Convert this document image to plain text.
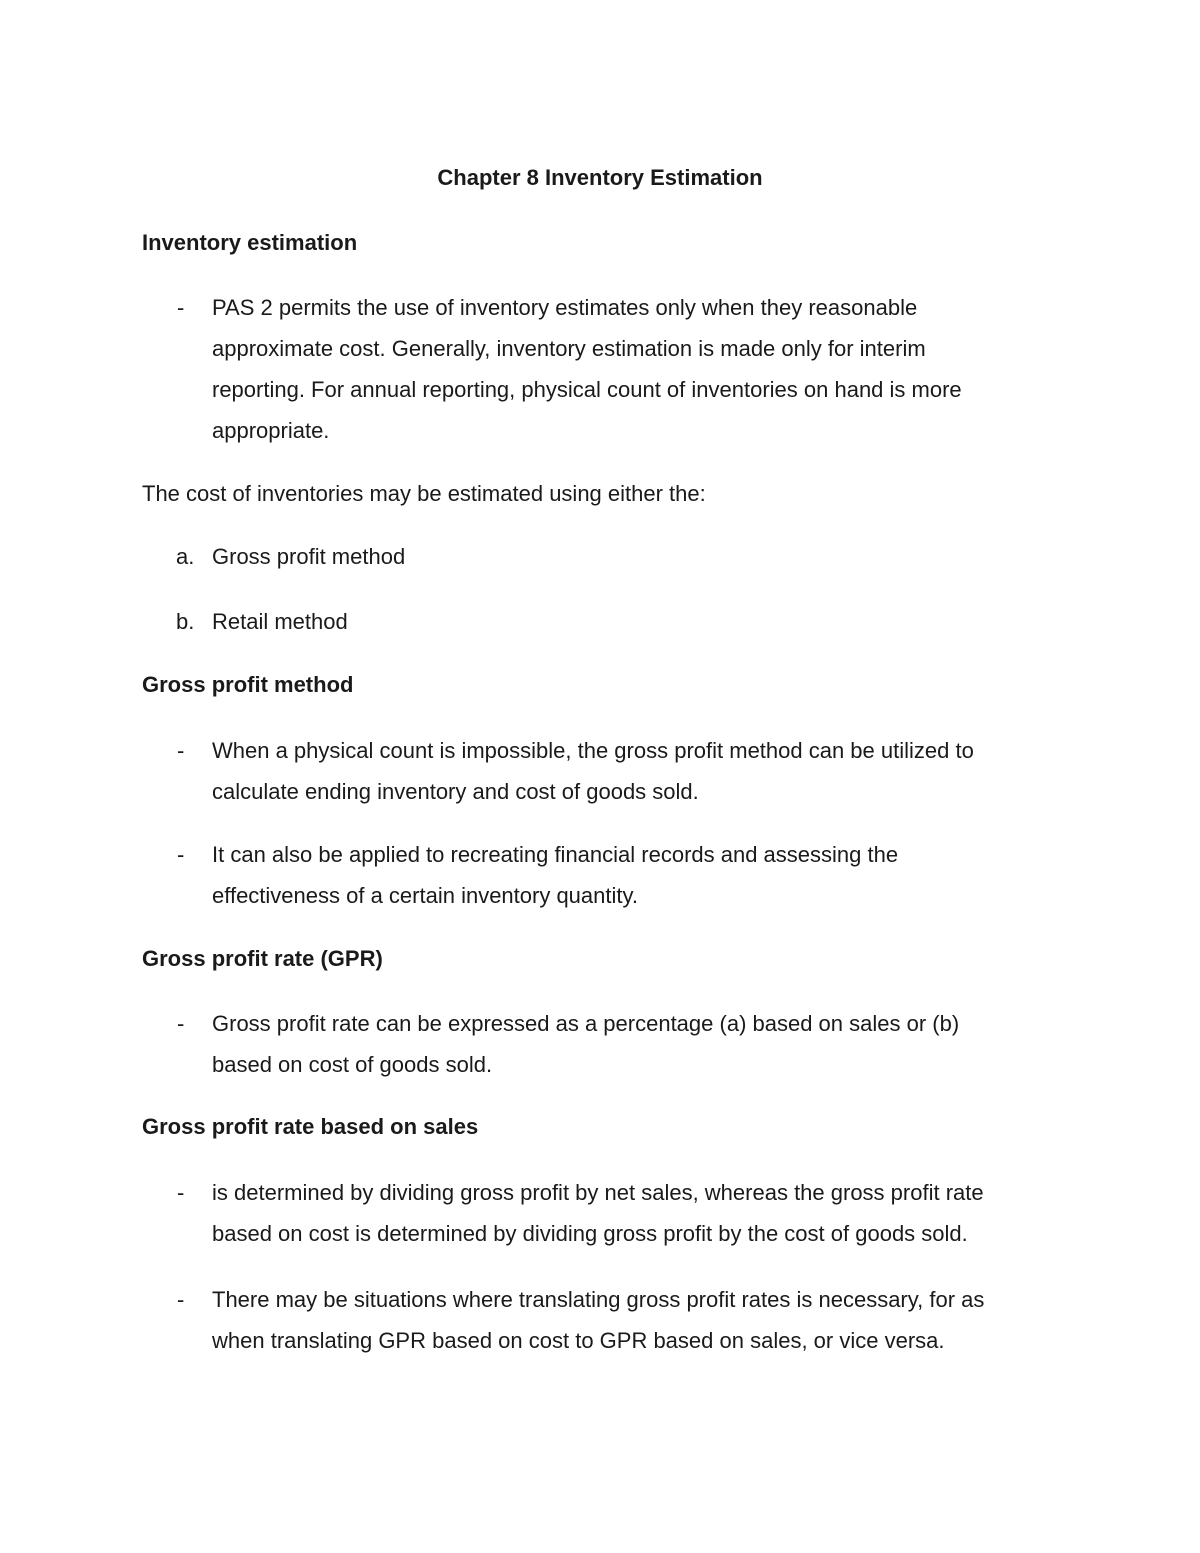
Chapter 8 Inventory Estimation
Inventory estimation
- PAS 2 permits the use of inventory estimates only when they reasonable
approximate cost. Generally, inventory estimation is made only for interim
reporting. For annual reporting, physical count of inventories on hand is more
appropriate.

The cost of inventories may be estimated using either the:

a. Gross profit method
b. Retail method
Gross profit method
- When a physical count is impossible, the gross profit method can be utilized to
calculate ending inventory and cost of goods sold.
- It can also be applied to recreating financial records and assessing the
effectiveness of a certain inventory quantity.
Gross profit rate (GPR)
- Gross profit rate can be expressed as a percentage (a) based on sales or (b)
based on cost of goods sold.
Gross profit rate based on sales
- is determined by dividing gross profit by net sales, whereas the gross profit rate
based on cost is determined by dividing gross profit by the cost of goods sold.
- There may be situations where translating gross profit rates is necessary, for as
when translating GPR based on cost to GPR based on sales, or vice versa.
